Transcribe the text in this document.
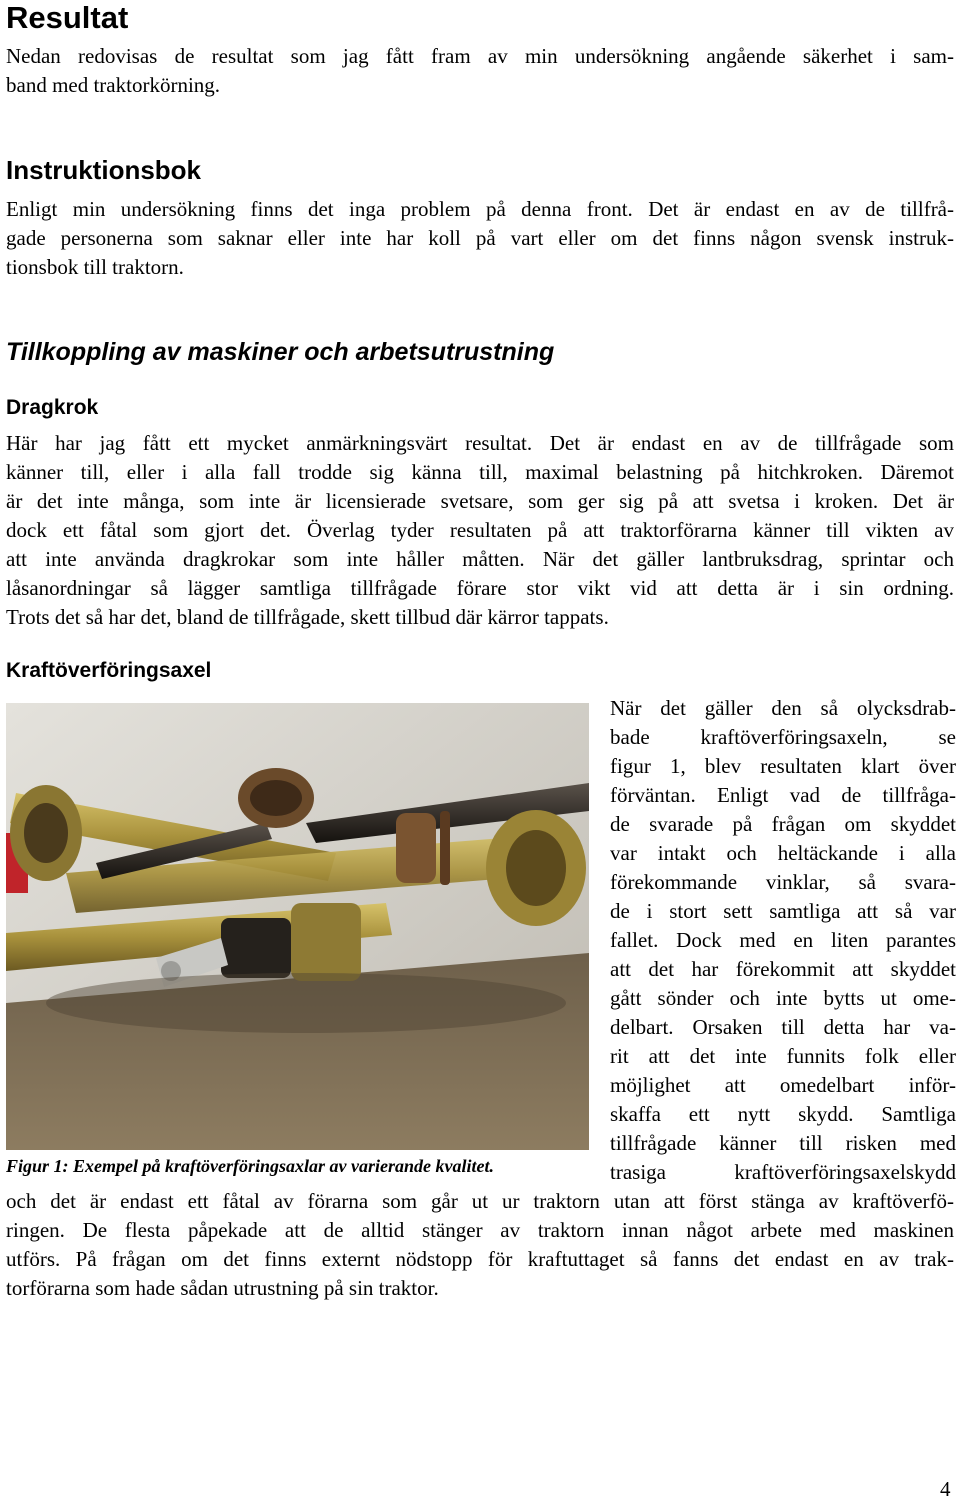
Resultat
Nedan redovisas de resultat som jag fått fram av min undersökning angående säkerhet i sam-
band med traktorkörning.
Instruktionsbok
Enligt min undersökning finns det inga problem på denna front. Det är endast en av de tillfrå-
gade personerna som saknar eller inte har koll på vart eller om det finns någon svensk instruk-
tionsbok till traktorn.
Tillkoppling av maskiner och arbetsutrustning
Dragkrok
Här har jag fått ett mycket anmärkningsvärt resultat. Det är endast en av de tillfrågade som
känner till, eller i alla fall trodde sig känna till, maximal belastning på hitchkroken. Däremot
är det inte många, som inte är licensierade svetsare, som ger sig på att svetsa i kroken. Det är
dock ett fåtal som gjort det. Överlag tyder resultaten på att traktorförarna känner till vikten av
att inte använda dragkrokar som inte håller måtten. När det gäller lantbruksdrag, sprintar och
låsanordningar så lägger samtliga tillfrågade förare stor vikt vid att detta är i sin ordning.
Trots det så har det, bland de tillfrågade, skett tillbud där kärror tappats.
Kraftöverföringsaxel
Figur 1: Exempel på kraftöverföringsaxlar av varierande kvalitet.
När det gäller den så olycksdrab-
bade kraftöverföringsaxeln, se
figur 1, blev resultaten klart över
förväntan. Enligt vad de tillfråga-
de svarade på frågan om skyddet
var intakt och heltäckande i alla
förekommande vinklar, så svara-
de i stort sett samtliga att så var
fallet. Dock med en liten parantes
att det har förekommit att skyddet
gått sönder och inte bytts ut ome-
delbart. Orsaken till detta har va-
rit att det inte funnits folk eller
möjlighet att omedelbart inför-
skaffa ett nytt skydd. Samtliga
tillfrågade känner till risken med
trasiga kraftöverföringsaxelskydd
och det är endast ett fåtal av förarna som går ut ur traktorn utan att först stänga av kraftöverfö-
ringen. De flesta påpekade att de alltid stänger av traktorn innan något arbete med maskinen
utförs. På frågan om det finns externt nödstopp för kraftuttaget så fanns det endast en av trak-
torförarna som hade sådan utrustning på sin traktor.
4
